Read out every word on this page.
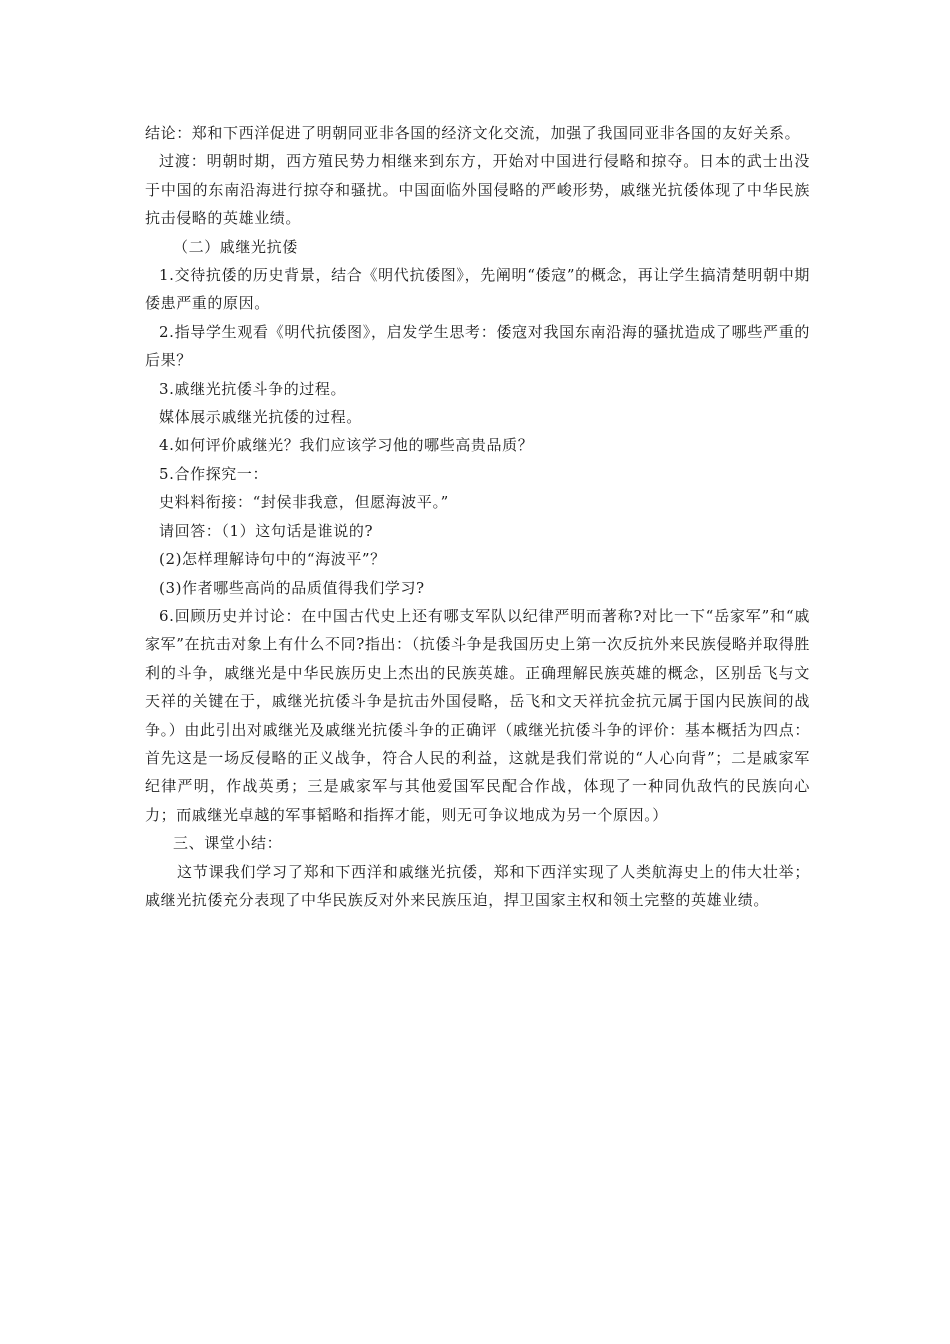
结论：郑和下西洋促进了明朝同亚非各国的经济文化交流，加强了我国同亚非各国的友好关系。

过渡：明朝时期，西方殖民势力相继来到东方，开始对中国进行侵略和掠夺。日本的武士出没于中国的东南沿海进行掠夺和骚扰。中国面临外国侵略的严峻形势，戚继光抗倭体现了中华民族抗击侵略的英雄业绩。

（二）戚继光抗倭

1.交待抗倭的历史背景，结合《明代抗倭图》，先阐明“倭寇”的概念，再让学生搞清楚明朝中期倭患严重的原因。

2.指导学生观看《明代抗倭图》，启发学生思考：倭寇对我国东南沿海的骚扰造成了哪些严重的后果？

3.戚继光抗倭斗争的过程。

媒体展示戚继光抗倭的过程。

4.如何评价戚继光？我们应该学习他的哪些高贵品质？

5.合作探究一：

史料料衔接：“封侯非我意，但愿海波平。”

请回答：（1）这句话是谁说的?

(2)怎样理解诗句中的“海波平”？

(3)作者哪些高尚的品质值得我们学习?

6.回顾历史并讨论：在中国古代史上还有哪支军队以纪律严明而著称?对比一下“岳家军”和“戚家军”在抗击对象上有什么不同?指出：（抗倭斗争是我国历史上第一次反抗外来民族侵略并取得胜利的斗争，戚继光是中华民族历史上杰出的民族英雄。正确理解民族英雄的概念，区别岳飞与文天祥的关键在于，戚继光抗倭斗争是抗击外国侵略，岳飞和文天祥抗金抗元属于国内民族间的战争。）由此引出对戚继光及戚继光抗倭斗争的正确评（戚继光抗倭斗争的评价：基本概括为四点：首先这是一场反侵略的正义战争，符合人民的利益，这就是我们常说的“人心向背”；二是戚家军纪律严明，作战英勇；三是戚家军与其他爱国军民配合作战，体现了一种同仇敌忾的民族向心力；而戚继光卓越的军事韬略和指挥才能，则无可争议地成为另一个原因。）

三、课堂小结：

这节课我们学习了郑和下西洋和戚继光抗倭，郑和下西洋实现了人类航海史上的伟大壮举；戚继光抗倭充分表现了中华民族反对外来民族压迫，捍卫国家主权和领土完整的英雄业绩。
